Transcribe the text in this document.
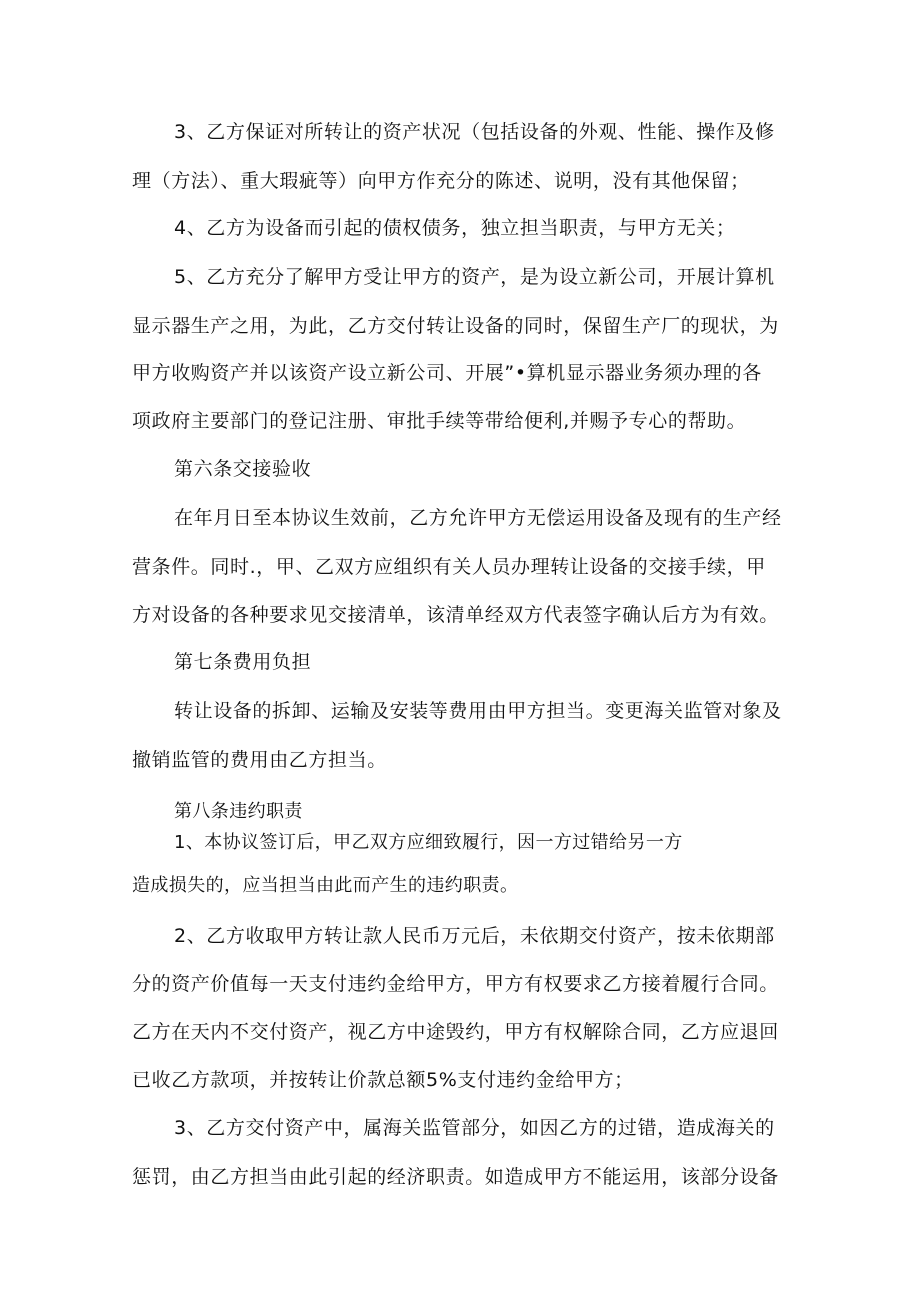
3、乙方保证对所转让的资产状况（包括设备的外观、性能、操作及修
理（方法）、重大瑕疵等）向甲方作充分的陈述、说明，没有其他保留；
4、乙方为设备而引起的债权债务，独立担当职责，与甲方无关；
5、乙方充分了解甲方受让甲方的资产，是为设立新公司，开展计算机
显示器生产之用，为此，乙方交付转让设备的同时，保留生产厂的现状，为
甲方收购资产并以该资产设立新公司、开展”•算机显示器业务须办理的各
项政府主要部门的登记注册、审批手续等带给便利,并赐予专心的帮助。
第六条交接验收
在年月日至本协议生效前，乙方允许甲方无偿运用设备及现有的生产经
营条件。同时.，甲、乙双方应组织有关人员办理转让设备的交接手续，甲
方对设备的各种要求见交接清单，该清单经双方代表签字确认后方为有效。
第七条费用负担
转让设备的拆卸、运输及安装等费用由甲方担当。变更海关监管对象及
撤销监管的费用由乙方担当。
第八条违约职责
1、本协议签订后，甲乙双方应细致履行，因一方过错给另一方
造成损失的，应当担当由此而产生的违约职责。
2、乙方收取甲方转让款人民币万元后，未依期交付资产，按未依期部
分的资产价值每一天支付违约金给甲方，甲方有权要求乙方接着履行合同。
乙方在天内不交付资产，视乙方中途毁约，甲方有权解除合同，乙方应退回
已收乙方款项，并按转让价款总额5%支付违约金给甲方；
3、乙方交付资产中，属海关监管部分，如因乙方的过错，造成海关的
惩罚，由乙方担当由此引起的经济职责。如造成甲方不能运用，该部分设备
